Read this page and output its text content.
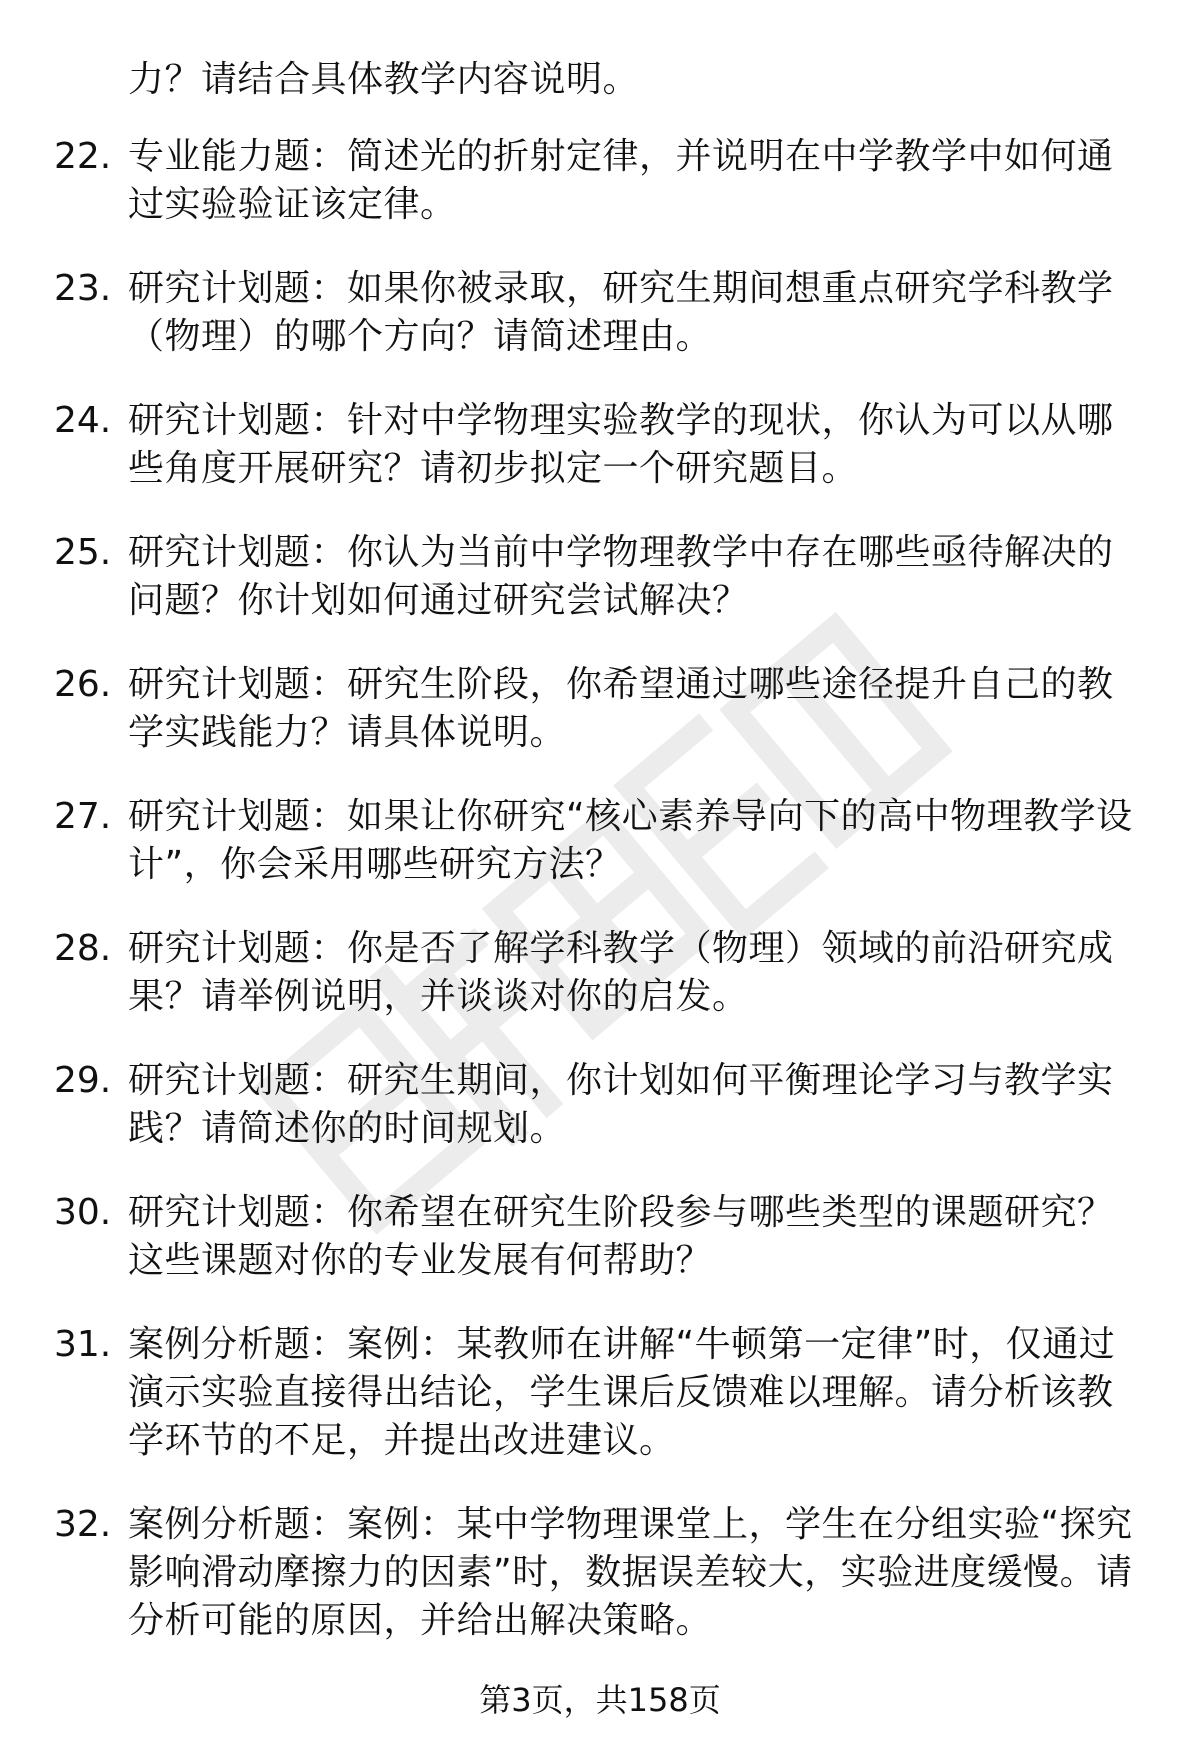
力？请结合具体教学内容说明。
22. 专业能力题：简述光的折射定律，并说明在中学教学中如何通过实验验证该定律。
23. 研究计划题：如果你被录取，研究生期间想重点研究学科教学（物理）的哪个方向？请简述理由。
24. 研究计划题：针对中学物理实验教学的现状，你认为可以从哪些角度开展研究？请初步拟定一个研究题目。
25. 研究计划题：你认为当前中学物理教学中存在哪些亟待解决的问题？你计划如何通过研究尝试解决？
26. 研究计划题：研究生阶段，你希望通过哪些途径提升自己的教学实践能力？请具体说明。
27. 研究计划题：如果让你研究“核心素养导向下的高中物理教学设计”，你会采用哪些研究方法？
28. 研究计划题：你是否了解学科教学（物理）领域的前沿研究成果？请举例说明，并谈谈对你的启发。
29. 研究计划题：研究生期间，你计划如何平衡理论学习与教学实践？请简述你的时间规划。
30. 研究计划题：你希望在研究生阶段参与哪些类型的课题研究？这些课题对你的专业发展有何帮助？
31. 案例分析题：案例：某教师在讲解“牛顿第一定律”时，仅通过演示实验直接得出结论，学生课后反馈难以理解。请分析该教学环节的不足，并提出改进建议。
32. 案例分析题：案例：某中学物理课堂上，学生在分组实验“探究影响滑动摩擦力的因素”时，数据误差较大，实验进度缓慢。请分析可能的原因，并给出解决策略。
第3页，共158页
